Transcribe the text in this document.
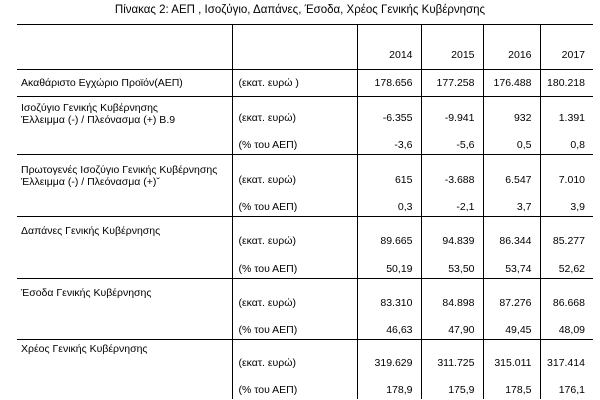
Πίνακας 2: ΑΕΠ , Ισοζύγιο, Δαπάνες, Έσοδα, Χρέος Γενικής Κυβέρνησης
		2014	2015	2016	2017
Ακαθάριστο Εγχώριο Προϊόν(ΑΕΠ)	(εκατ. ευρώ )	178.656	177.258	176.488	180.218

Ισοζύγιο Γενικής Κυβέρνησης
Έλλειμμα (-) / Πλεόνασμα (+) Β.9	(εκατ. ευρώ)	-6.355	-9.941	932	1.391
	(% του ΑΕΠ)	-3,6	-5,6	0,5	0,8

Πρωτογενές Ισοζύγιο Γενικής Κυβέρνησης
Έλλειμμα (-) / Πλεόνασμα (+)ˇ	(εκατ. ευρώ)	615	-3.688	6.547	7.010
	(% του ΑΕΠ)	0,3	-2,1	3,7	3,9
Δαπάνες Γενικής Κυβέρνησης	(εκατ. ευρώ)	89.665	94.839	86.344	85.277
	(% του ΑΕΠ)	50,19	53,50	53,74	52,62
Έσοδα Γενικής Κυβέρνησης	(εκατ. ευρώ)	83.310	84.898	87.276	86.668
	(% του ΑΕΠ)	46,63	47,90	49,45	48,09
Χρέος Γενικής Κυβέρνησης	(εκατ. ευρώ)	319.629	311.725	315.011	317.414
	(% του ΑΕΠ)	178,9	175,9	178,5	176,1
